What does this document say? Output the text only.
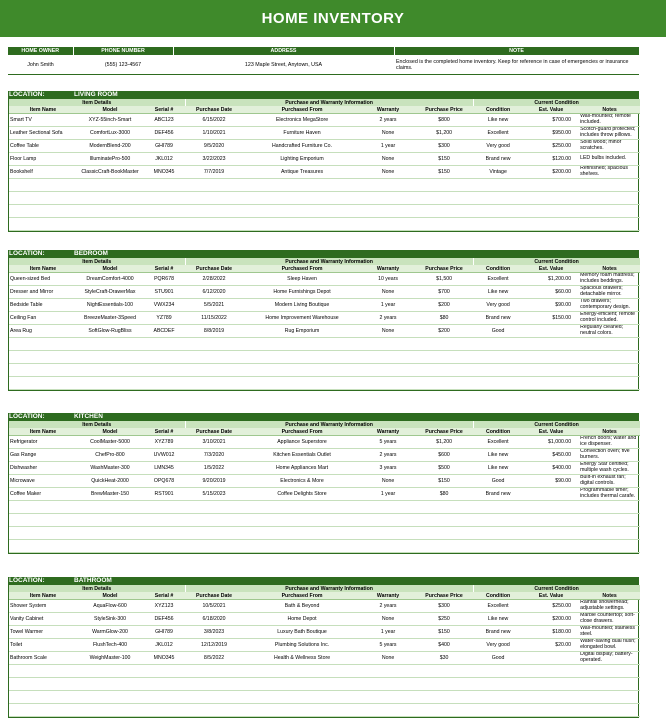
HOME INVENTORY
HOME OWNER	PHONE NUMBER	ADDRESS	NOTE
John Smith	(555) 123-4567	123 Maple Street, Anytown, USA	Enclosed is the completed home inventory. Keep for reference in case of emergencies or insurance claims.
LOCATION:	LIVING ROOM
Item Details			Purchase and Warranty Information				Current Condition		
Item Name	Model	Serial #	Purchase Date	Purchased From	Warranty	Purchase Price	Condition	Est. Value	Notes
Smart TV	XYZ-55inch-Smart	ABC123	6/15/2022	Electronics MegaStore	2 years	$800	Like new	$700.00	Wall-mounted; remote included.
Leather Sectional Sofa	ComfortLux-3000	DEF456	1/10/2021	Furniture Haven	None	$1,200	Excellent	$950.00	Scotch-guard protected; includes throw pillows.
Coffee Table	ModernBlend-200	GHI789	9/5/2020	Handcrafted Furniture Co.	1 year	$300	Very good	$250.00	Solid wood; minor scratches.
Floor Lamp	IlluminatePro-500	JKL012	3/22/2023	Lighting Emporium	None	$150	Brand new	$120.00	LED bulbs included.
Bookshelf	ClassicCraft-BookMaster	MNO345	7/7/2019	Antique Treasures	None	$150	Vintage	$200.00	Refinished; spacious shelves.

LOCATION:	BEDROOM
Item Details			Purchase and Warranty Information				Current Condition		
Item Name	Model	Serial #	Purchase Date	Purchased From	Warranty	Purchase Price	Condition	Est. Value	Notes
Queen-sized Bed	DreamComfort-4000	PQR678	2/28/2022	Sleep Haven	10 years	$1,500	Excellent	$1,200.00	Memory foam mattress; includes beddings.
Dresser and Mirror	StyleCraft-DrawerMax	STU901	6/12/2020	Home Furnishings Depot	None	$700	Like new	$60.00	Spacious drawers; detachable mirror.
Bedside Table	NightEssentials-100	VWX234	5/5/2021	Modern Living Boutique	1 year	$200	Very good	$90.00	Two drawers; contemporary design.
Ceiling Fan	BreezeMaster-3Speed	YZ789	11/15/2022	Home Improvement Warehouse	2 years	$80	Brand new	$150.00	Energy-efficient; remote control included.
Area Rug	SoftGlow-RugBliss	ABCDEF	8/8/2019	Rug Emporium	None	$200	Good		Regularly cleaned; neutral colors.

LOCATION:	KITCHEN
Item Details			Purchase and Warranty Information				Current Condition		
Item Name	Model	Serial #	Purchase Date	Purchased From	Warranty	Purchase Price	Condition	Est. Value	Notes
Refrigerator	CoolMaster-5000	XYZ789	3/10/2021	Appliance Superstore	5 years	$1,200	Excellent	$1,000.00	French doors; water and ice dispenser.
Gas Range	ChefPro-800	UVW012	7/3/2020	Kitchen Essentials Outlet	2 years	$600	Like new	$450.00	Convection oven; five burners.
Dishwasher	WashMaster-300	LMN345	1/5/2022	Home Appliances Mart	3 years	$500	Like new	$400.00	Energy Star certified; multiple wash cycles.
Microwave	QuickHeat-2000	OPQ678	9/20/2019	Electronics & More	None	$150	Good	$90.00	Built-in exhaust fan; digital controls.
Coffee Maker	BrewMaster-150	RST901	5/15/2023	Coffee Delights Store	1 year	$80	Brand new		Programmable timer; includes thermal carafe.

LOCATION:	BATHROOM
Item Details			Purchase and Warranty Information				Current Condition		
Item Name	Model	Serial #	Purchase Date	Purchased From	Warranty	Purchase Price	Condition	Est. Value	Notes
Shower System	AquaFlow-600	XYZ123	10/5/2021	Bath & Beyond	2 years	$300	Excellent	$250.00	Rainfall showerhead; adjustable settings.
Vanity Cabinet	StyleSink-300	DEF456	6/18/2020	Home Depot	None	$250	Like new	$200.00	Marble countertop; soft-close drawers.
Towel Warmer	WarmGlow-200	GHI789	3/8/2023	Luxury Bath Boutique	1 year	$150	Brand new	$180.00	Wall-mounted; stainless steel.
Toilet	FlushTech-400	JKL012	12/12/2019	Plumbing Solutions Inc.	5 years	$400	Very good	$20.00	Water-saving dual flush; elongated bowl.
Bathroom Scale	WeighMaster-100	MNO345	8/5/2022	Health & Wellness Store	None	$30	Good		Digital display; battery-operated.
